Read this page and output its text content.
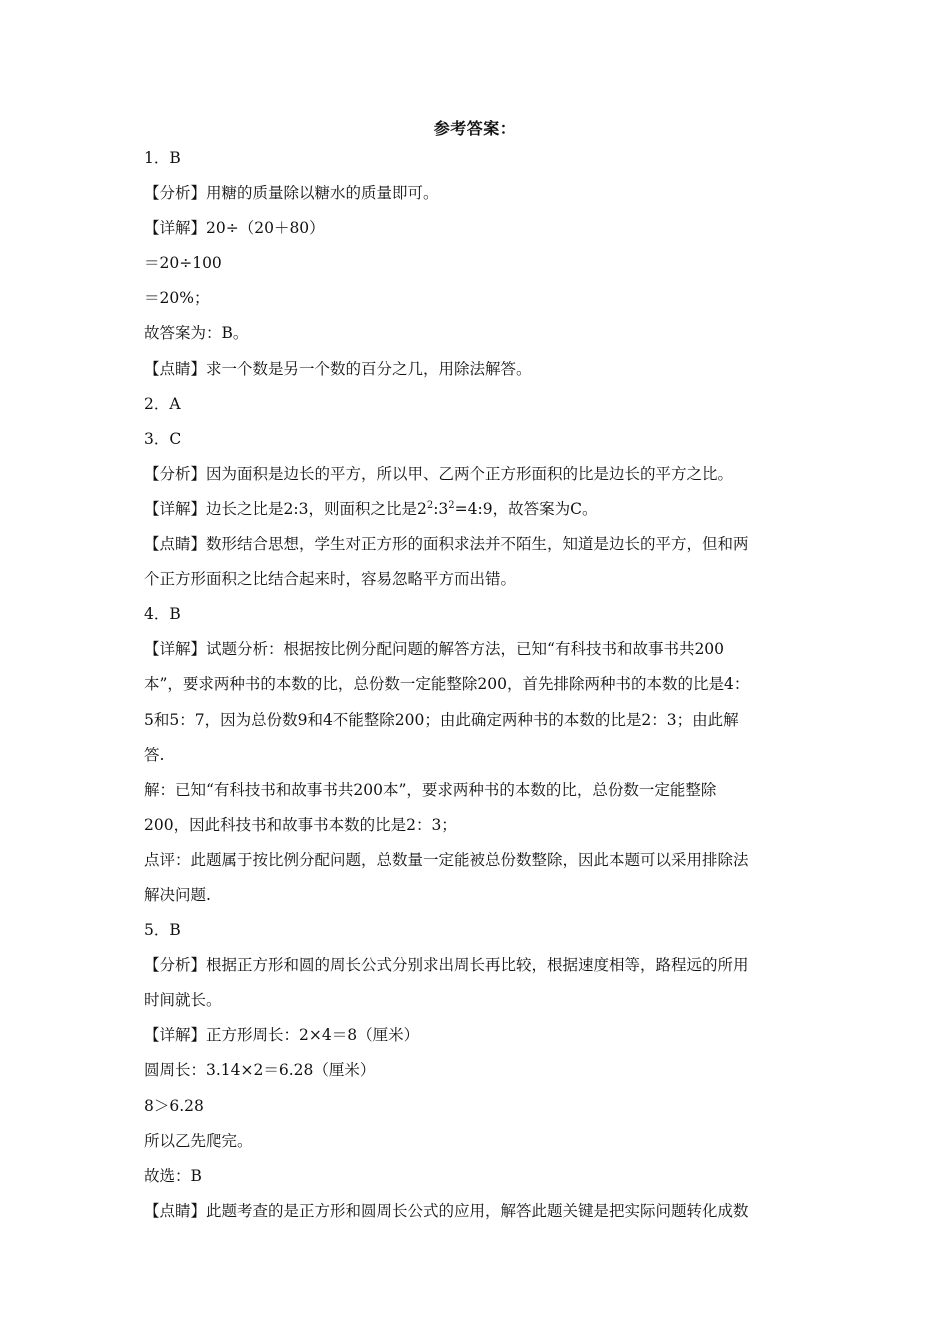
参考答案：
1．B
【分析】用糖的质量除以糖水的质量即可。
【详解】20÷（20＋80）
＝20÷100
＝20%；
故答案为：B。
【点睛】求一个数是另一个数的百分之几，用除法解答。
2．A
3．C
【分析】因为面积是边长的平方，所以甲、乙两个正方形面积的比是边长的平方之比。
【详解】边长之比是2:3，则面积之比是$2^2:3^2=4:9$，故答案为C。
【点睛】数形结合思想，学生对正方形的面积求法并不陌生，知道是边长的平方，但和两
个正方形面积之比结合起来时，容易忽略平方而出错。
4．B
【详解】试题分析：根据按比例分配问题的解答方法，已知“有科技书和故事书共200
本”，要求两种书的本数的比，总份数一定能整除200，首先排除两种书的本数的比是4：
5和5：7，因为总份数9和4不能整除200；由此确定两种书的本数的比是2：3；由此解
答.
解：已知“有科技书和故事书共200本”，要求两种书的本数的比，总份数一定能整除
200，因此科技书和故事书本数的比是2：3；
点评：此题属于按比例分配问题，总数量一定能被总份数整除，因此本题可以采用排除法
解决问题.
5．B
【分析】根据正方形和圆的周长公式分别求出周长再比较，根据速度相等，路程远的所用
时间就长。
【详解】正方形周长：2×4＝8（厘米）
圆周长：3.14×2＝6.28（厘米）
8＞6.28
所以乙先爬完。
故选：B
【点睛】此题考查的是正方形和圆周长公式的应用，解答此题关键是把实际问题转化成数
